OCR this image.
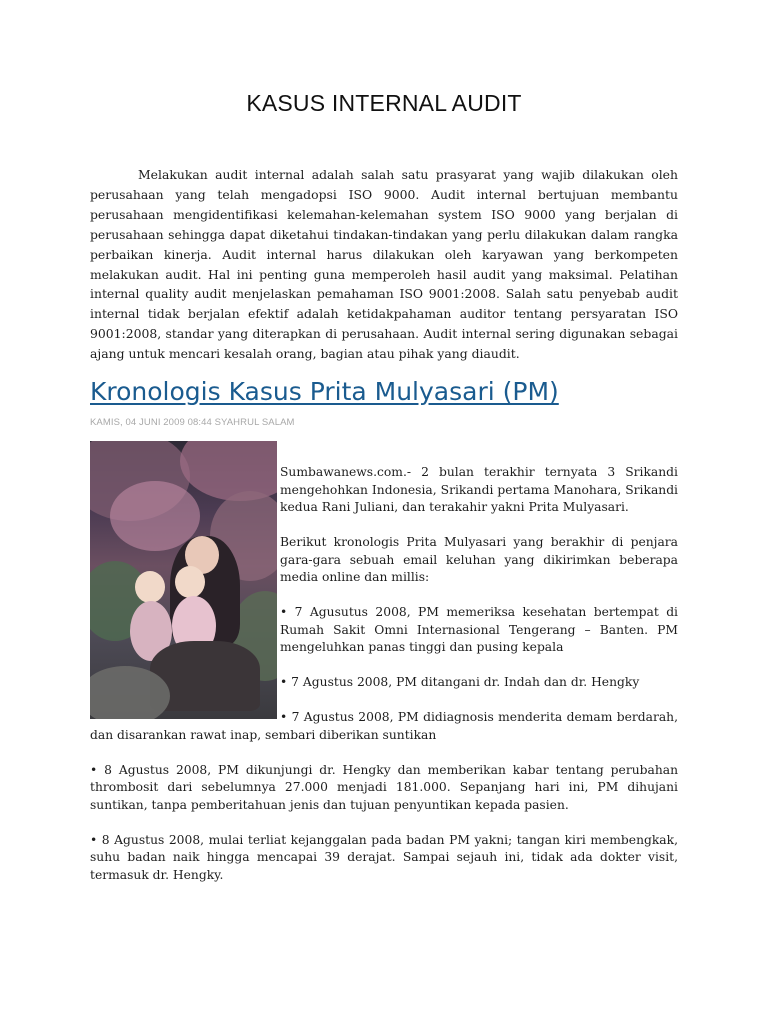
KASUS INTERNAL AUDIT

Melakukan audit internal adalah salah satu prasyarat yang wajib dilakukan oleh perusahaan yang telah mengadopsi ISO 9000. Audit internal bertujuan membantu perusahaan mengidentifikasi kelemahan-kelemahan system ISO 9000 yang berjalan di perusahaan sehingga dapat diketahui tindakan-tindakan yang perlu dilakukan dalam rangka perbaikan kinerja. Audit internal harus dilakukan oleh karyawan yang berkompeten melakukan audit. Hal ini penting guna memperoleh hasil audit yang maksimal. Pelatihan internal quality audit menjelaskan pemahaman ISO 9001:2008. Salah satu penyebab audit internal tidak berjalan efektif adalah ketidakpahaman auditor tentang persyaratan ISO 9001:2008, standar yang diterapkan di perusahaan. Audit internal sering digunakan sebagai ajang untuk mencari kesalah orang, bagian atau pihak yang diaudit.

Kronologis Kasus Prita Mulyasari (PM)
KAMIS, 04 JUNI 2009 08:44 SYAHRUL SALAM

Sumbawanews.com.- 2 bulan terakhir ternyata 3 Srikandi mengehohkan Indonesia, Srikandi pertama Manohara, Srikandi kedua Rani Juliani, dan terakahir yakni Prita Mulyasari.

Berikut kronologis Prita Mulyasari yang berakhir di penjara gara-gara sebuah email keluhan yang dikirimkan beberapa media online dan millis:

• 7 Agusutus 2008, PM memeriksa kesehatan bertempat di Rumah Sakit Omni Internasional Tengerang – Banten. PM mengeluhkan panas tinggi dan pusing kepala

• 7 Agustus 2008, PM ditangani dr. Indah dan dr. Hengky

• 7 Agustus 2008, PM didiagnosis menderita demam berdarah, dan disarankan rawat inap, sembari diberikan suntikan

• 8 Agustus 2008, PM dikunjungi dr. Hengky dan memberikan kabar tentang perubahan thrombosit dari sebelumnya 27.000 menjadi 181.000. Sepanjang hari ini, PM dihujani suntikan, tanpa pemberitahuan jenis dan tujuan penyuntikan kepada pasien.

• 8 Agustus 2008, mulai terliat kejanggalan pada badan PM yakni; tangan kiri membengkak, suhu badan naik hingga mencapai 39 derajat. Sampai sejauh ini, tidak ada dokter visit, termasuk dr. Hengky.
